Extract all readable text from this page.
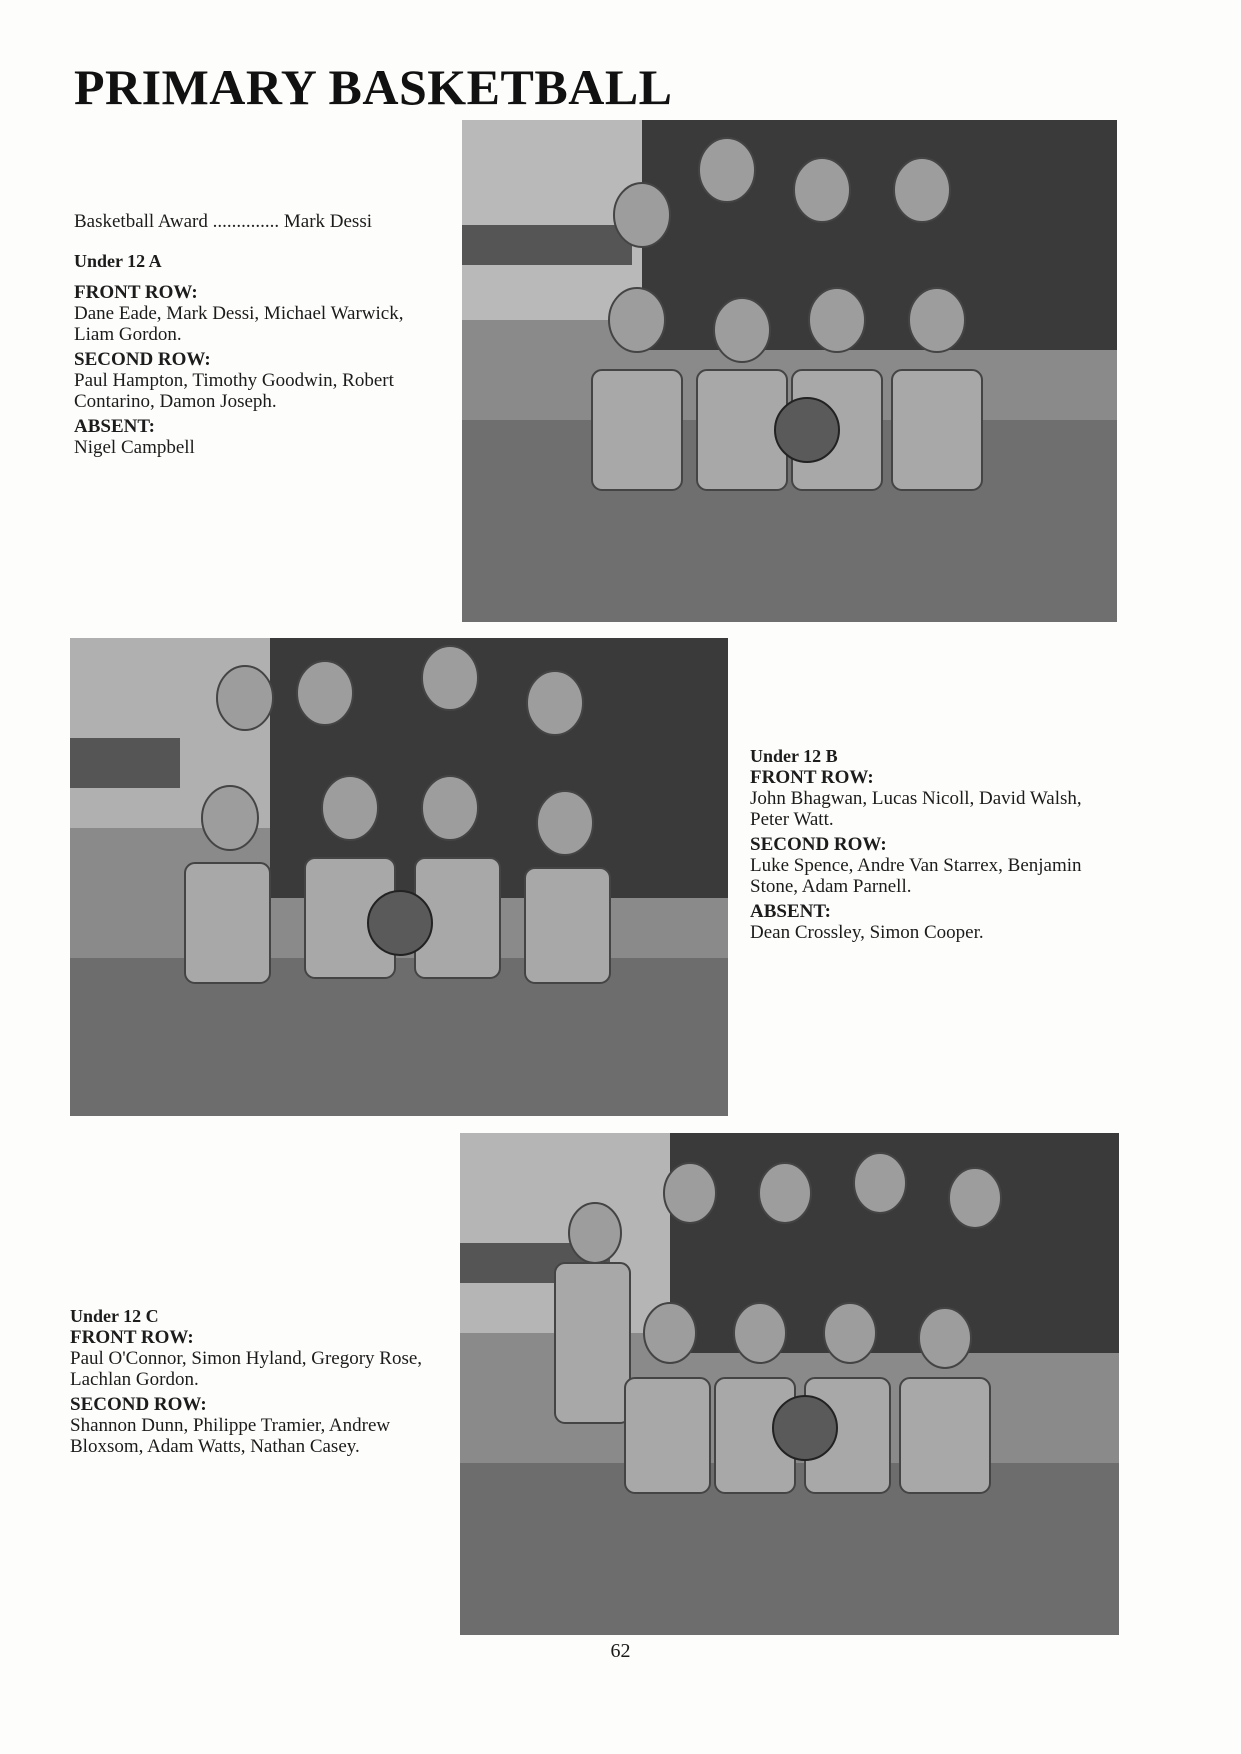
PRIMARY BASKETBALL
Basketball Award .............. Mark Dessi

Under 12 A

FRONT ROW:

Dane Eade, Mark Dessi, Michael Warwick, Liam Gordon.

SECOND ROW:

Paul Hampton, Timothy Goodwin, Robert Contarino, Damon Joseph.

ABSENT:

Nigel Campbell

Under 12 B

FRONT ROW:

John Bhagwan, Lucas Nicoll, David Walsh, Peter Watt.

SECOND ROW:

Luke Spence, Andre Van Starrex, Benjamin Stone, Adam Parnell.

ABSENT:

Dean Crossley, Simon Cooper.

Under 12 C

FRONT ROW:

Paul O'Connor, Simon Hyland, Gregory Rose, Lachlan Gordon.

SECOND ROW:

Shannon Dunn, Philippe Tramier, Andrew Bloxsom, Adam Watts, Nathan Casey.

62
